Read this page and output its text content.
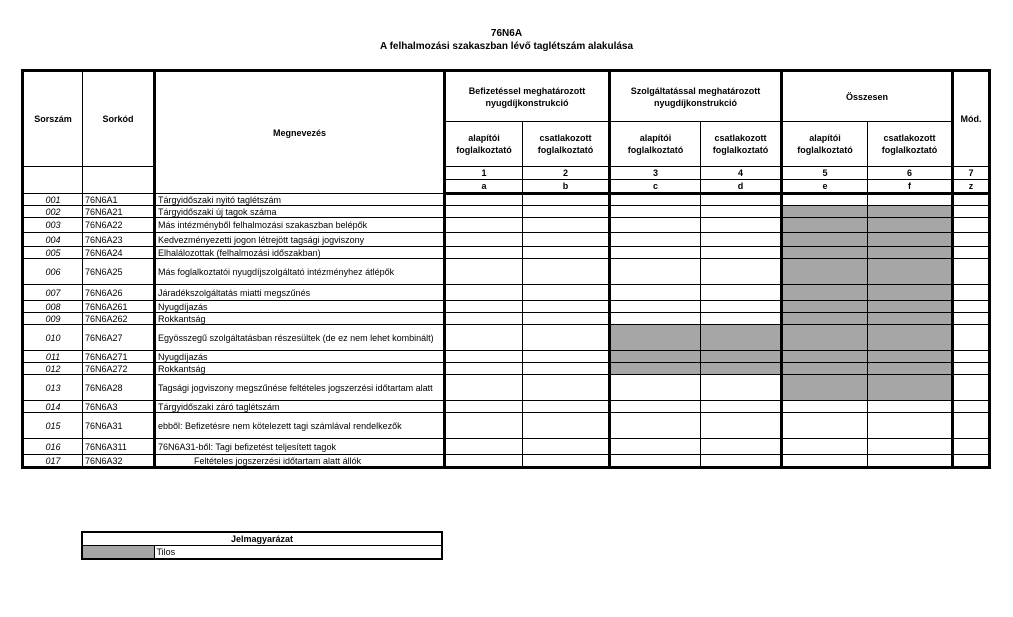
76N6A
A felhalmozási szakaszban lévő taglétszám alakulása
Sorszám	Sorkód	Megnevezés	Befizetéssel meghatározott nyugdíjkonstrukció		Szolgáltatással meghatározott nyugdíjkonstrukció		Összesen		Mód.
			alapítói foglalkoztató	csatlakozott foglalkoztató	alapítói foglalkoztató	csatlakozott foglalkoztató	alapítói foglalkoztató	csatlakozott foglalkoztató	
			1	2	3	4	5	6	7
			a	b	c	d	e	f	z
001	76N6A1	Tárgyidőszaki nyitó taglétszám							
002	76N6A21	Tárgyidőszaki új tagok száma							
003	76N6A22	Más intézményből felhalmozási szakaszban belépők							
004	76N6A23	Kedvezményezetti jogon létrejött tagsági jogviszony							
005	76N6A24	Elhalálozottak (felhalmozási időszakban)							
006	76N6A25	Más foglalkoztatói nyugdíjszolgáltató intézményhez átlépők							
007	76N6A26	Járadékszolgáltatás miatti megszűnés							
008	76N6A261	Nyugdíjazás							
009	76N6A262	Rokkantság							
010	76N6A27	Egyösszegű szolgáltatásban részesültek (de ez nem lehet kombinált)							
011	76N6A271	Nyugdíjazás							
012	76N6A272	Rokkantság							
013	76N6A28	Tagsági jogviszony megszűnése feltételes jogszerzési időtartam alatt							
014	76N6A3	Tárgyidőszaki záró taglétszám							
015	76N6A31	ebből: Befizetésre nem kötelezett tagi számlával rendelkezők							
016	76N6A311	76N6A31-ből: Tagi befizetést teljesített tagok							
017	76N6A32	Feltételes jogszerzési időtartam alatt állók							
Jelmagyarázat
	Tilos
